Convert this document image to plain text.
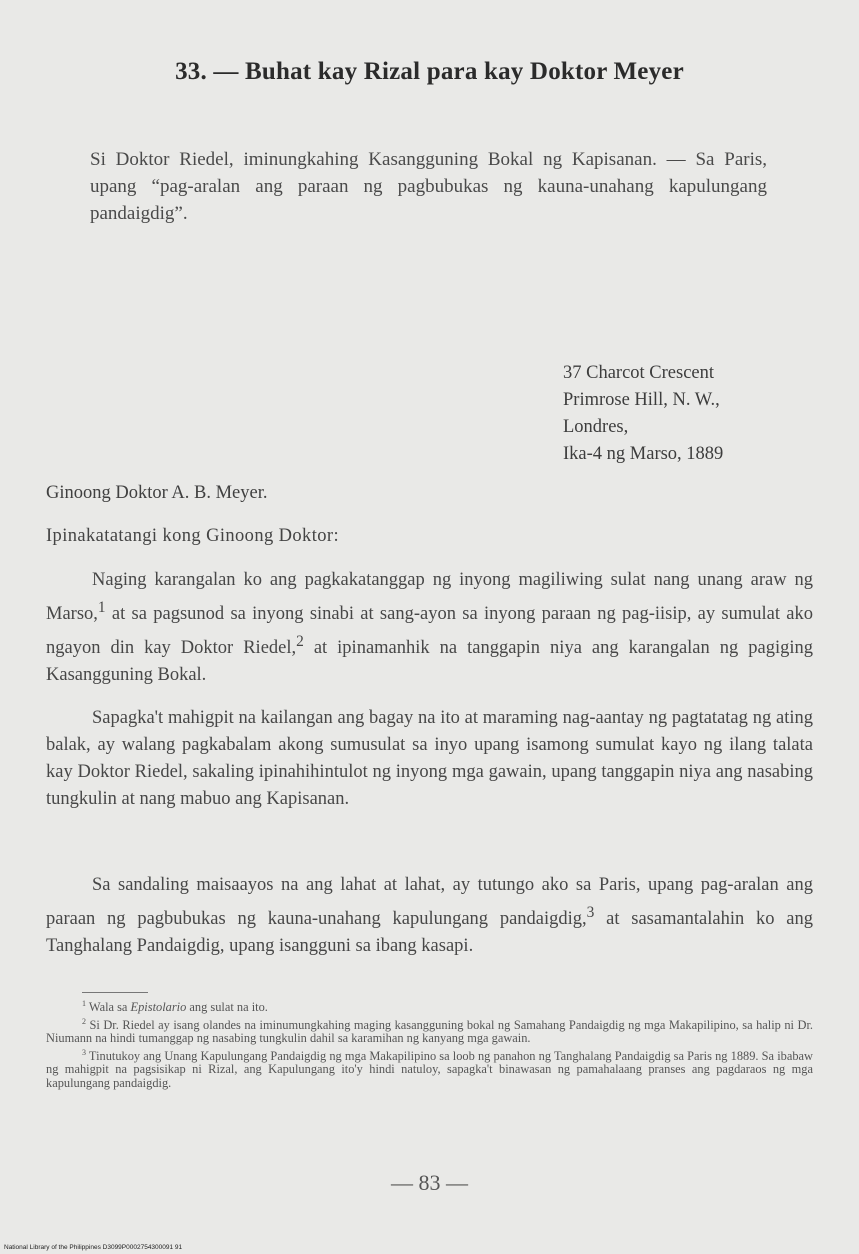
33. — Buhat kay Rizal para kay Doktor Meyer
Si Doktor Riedel, iminungkahing Kasangguning Bokal ng Kapisanan. — Sa Paris, upang “pag-aralan ang paraan ng pagbubukas ng kauna-unahang kapulungang pandaigdig”.
37 Charcot Crescent
Primrose Hill, N. W.,
Londres,
Ika-4 ng Marso, 1889
Ginoong Doktor A. B. Meyer.
Ipinakatatangi kong Ginoong Doktor:
Naging karangalan ko ang pagkakatanggap ng inyong magiliwing sulat nang unang araw ng Marso,$^1$ at sa pagsunod sa inyong sinabi at sang-ayon sa inyong paraan ng pag-iisip, ay sumulat ako ngayon din kay Doktor Riedel,$^2$ at ipinamanhik na tanggapin niya ang karangalan ng pagiging Kasangguning Bokal.
Sapagka't mahigpit na kailangan ang bagay na ito at maraming nag-aantay ng pagtatatag ng ating balak, ay walang pagkabalam akong sumusulat sa inyo upang isamong sumulat kayo ng ilang talata kay Doktor Riedel, sakaling ipinahihintulot ng inyong mga gawain, upang tanggapin niya ang nasabing tungkulin at nang mabuo ang Kapisanan.
Sa sandaling maisaayos na ang lahat at lahat, ay tutungo ako sa Paris, upang pag-aralan ang paraan ng pagbubukas ng kauna-unahang kapulungang pandaigdig,$^3$ at sasamantalahin ko ang Tanghalang Pandaigdig, upang isangguni sa ibang kasapi.

$^1$ Wala sa Epistolario ang sulat na ito.

$^2$ Si Dr. Riedel ay isang olandes na iminumungkahing maging kasangguning bokal ng Samahang Pandaigdig ng mga Makapilipino, sa halip ni Dr. Niumann na hindi tumanggap ng nasabing tungkulin dahil sa karamihan ng kanyang mga gawain.

$^3$ Tinutukoy ang Unang Kapulungang Pandaigdig ng mga Makapilipino sa loob ng panahon ng Tanghalang Pandaigdig sa Paris ng 1889. Sa ibabaw ng mahigpit na pagsisikap ni Rizal, ang Kapulungang ito'y hindi natuloy, sapagka't binawasan ng pamahalaang pranses ang pagdaraos ng mga kapulungang pandaigdig.

— 83 —
National Library of the Philippines D3099P0002754300091 91
